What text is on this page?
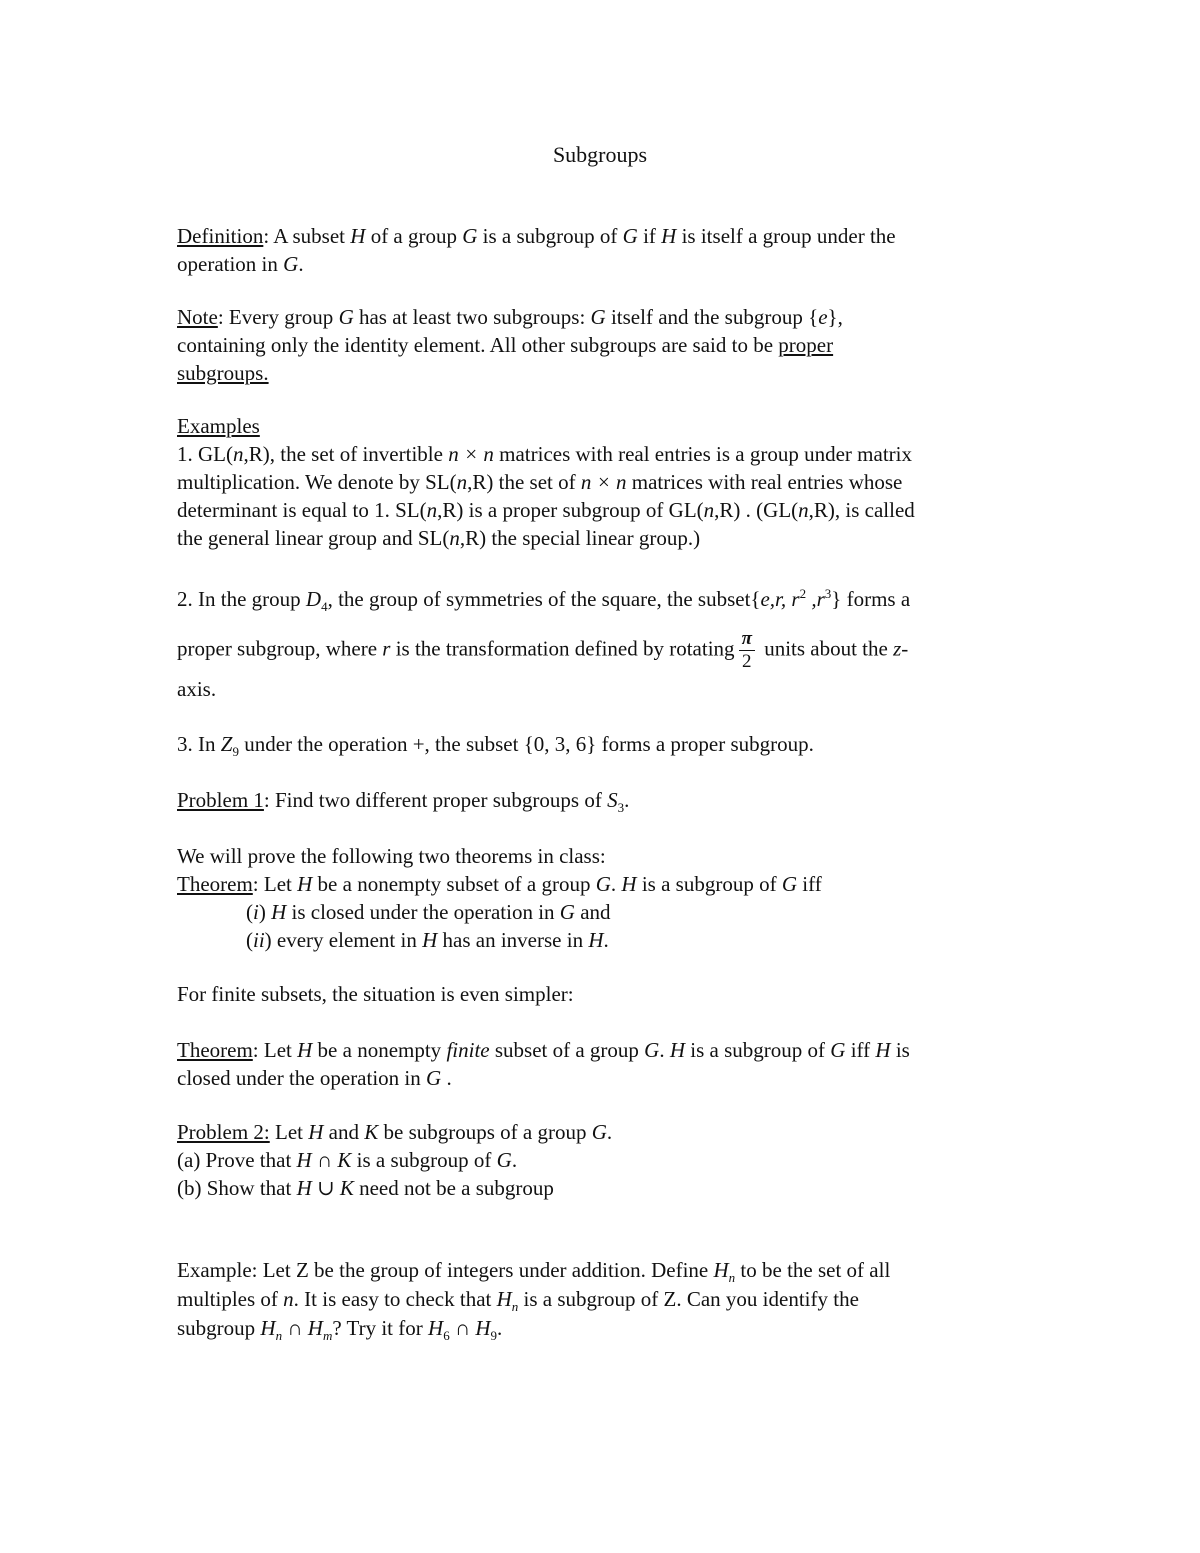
Subgroups

Definition: A subset H of a group G is a subgroup of G if H is itself a group under the
operation in G.

Note: Every group G has at least two subgroups: G itself and the subgroup {e},
containing only the identity element. All other subgroups are said to be proper
subgroups.

Examples
1. GL(n,R), the set of invertible n × n matrices with real entries is a group under matrix
multiplication. We denote by SL(n,R) the set of n × n matrices with real entries whose
determinant is equal to 1. SL(n,R) is a proper subgroup of GL(n,R) . (GL(n,R), is called
the general linear group and SL(n,R) the special linear group.)

2. In the group $D_4$, the group of symmetries of the square, the subset{e,r, $r^2$ $,r^3$} forms a

proper subgroup, where r is the transformation defined by rotating $\frac{\pi}{2}$ units about the z-

axis.

3. In $Z_9$ under the operation +, the subset {0, 3, 6} forms a proper subgroup.

Problem 1: Find two different proper subgroups of $S_3$.

We will prove the following two theorems in class:

Theorem: Let H be a nonempty subset of a group G. H is a subgroup of G iff

(i) H is closed under the operation in G and

(ii) every element in H has an inverse in H.

For finite subsets, the situation is even simpler:

Theorem: Let H be a nonempty finite subset of a group G. H is a subgroup of G iff H is
closed under the operation in G .

Problem 2: Let H and K be subgroups of a group G.
(a) Prove that H ∩ K is a subgroup of G.
(b) Show that H ∪ K need not be a subgroup

Example: Let Z be the group of integers under addition. Define $H_n$ to be the set of all
multiples of n. It is easy to check that $H_n$ is a subgroup of Z. Can you identify the
subgroup $H_n$ ∩ $H_m$? Try it for $H_6$ ∩ $H_9$.
